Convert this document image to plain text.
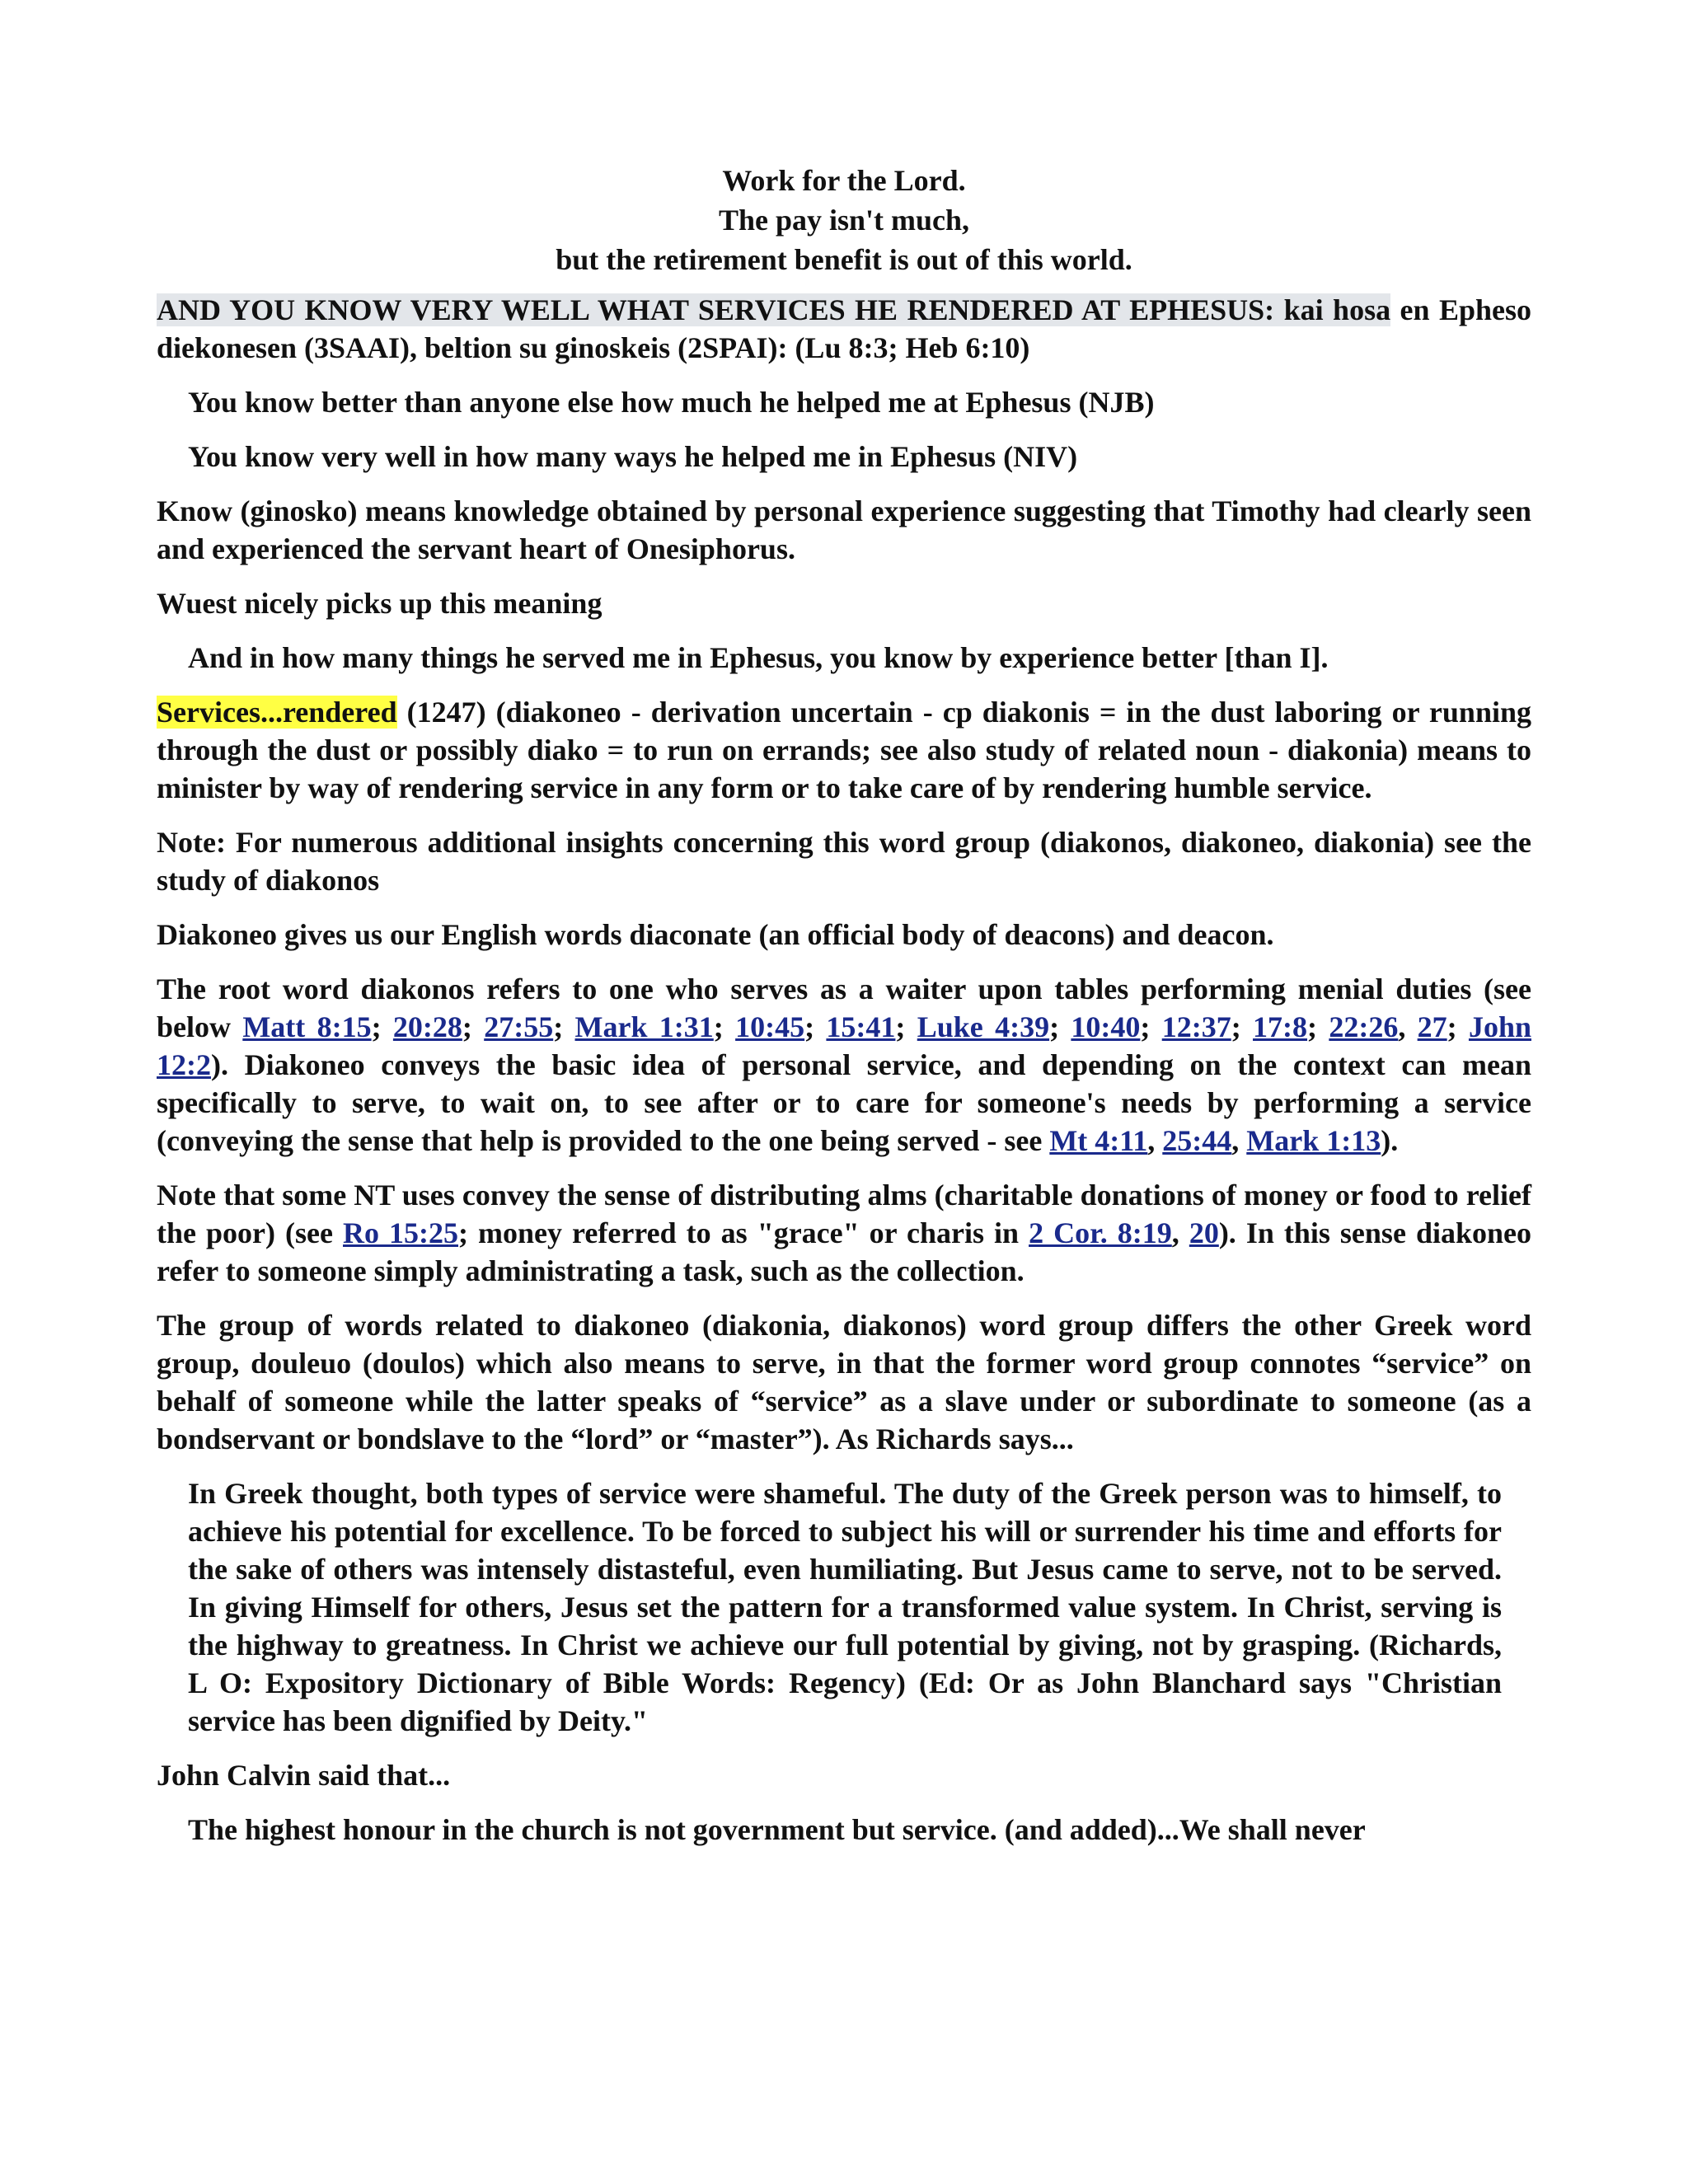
Work for the Lord.
The pay isn't much,
but the retirement benefit is out of this world.

AND YOU KNOW VERY WELL WHAT SERVICES HE RENDERED AT EPHESUS: kai hosa en Epheso diekonesen (3SAAI), beltion su ginoskeis (2SPAI): (Lu 8:3; Heb 6:10)

You know better than anyone else how much he helped me at Ephesus (NJB)

You know very well in how many ways he helped me in Ephesus (NIV)

Know (ginosko) means knowledge obtained by personal experience suggesting that Timothy had clearly seen and experienced the servant heart of Onesiphorus.

Wuest nicely picks up this meaning

And in how many things he served me in Ephesus, you know by experience better [than I].

Services...rendered (1247) (diakoneo - derivation uncertain - cp diakonis = in the dust laboring or running through the dust or possibly diako = to run on errands; see also study of related noun - diakonia) means to minister by way of rendering service in any form or to take care of by rendering humble service.

Note: For numerous additional insights concerning this word group (diakonos, diakoneo, diakonia) see the study of diakonos

Diakoneo gives us our English words diaconate (an official body of deacons) and deacon.

The root word diakonos refers to one who serves as a waiter upon tables performing menial duties (see below Matt 8:15; 20:28; 27:55; Mark 1:31; 10:45; 15:41; Luke 4:39; 10:40; 12:37; 17:8; 22:26, 27; John 12:2). Diakoneo conveys the basic idea of personal service, and depending on the context can mean specifically to serve, to wait on, to see after or to care for someone's needs by performing a service (conveying the sense that help is provided to the one being served - see Mt 4:11, 25:44, Mark 1:13).

Note that some NT uses convey the sense of distributing alms (charitable donations of money or food to relief the poor) (see Ro 15:25; money referred to as "grace" or charis in 2 Cor. 8:19, 20). In this sense diakoneo refer to someone simply administrating a task, such as the collection.

The group of words related to diakoneo (diakonia, diakonos) word group differs the other Greek word group, douleuo (doulos) which also means to serve, in that the former word group connotes “service” on behalf of someone while the latter speaks of “service” as a slave under or subordinate to someone (as a bondservant or bondslave to the “lord” or “master”). As Richards says...

In Greek thought, both types of service were shameful. The duty of the Greek person was to himself, to achieve his potential for excellence. To be forced to subject his will or surrender his time and efforts for the sake of others was intensely distasteful, even humiliating. But Jesus came to serve, not to be served. In giving Himself for others, Jesus set the pattern for a transformed value system. In Christ, serving is the highway to greatness. In Christ we achieve our full potential by giving, not by grasping. (Richards, L O: Expository Dictionary of Bible Words: Regency) (Ed: Or as John Blanchard says "Christian service has been dignified by Deity."

John Calvin said that...

The highest honour in the church is not government but service. (and added)...We shall never
